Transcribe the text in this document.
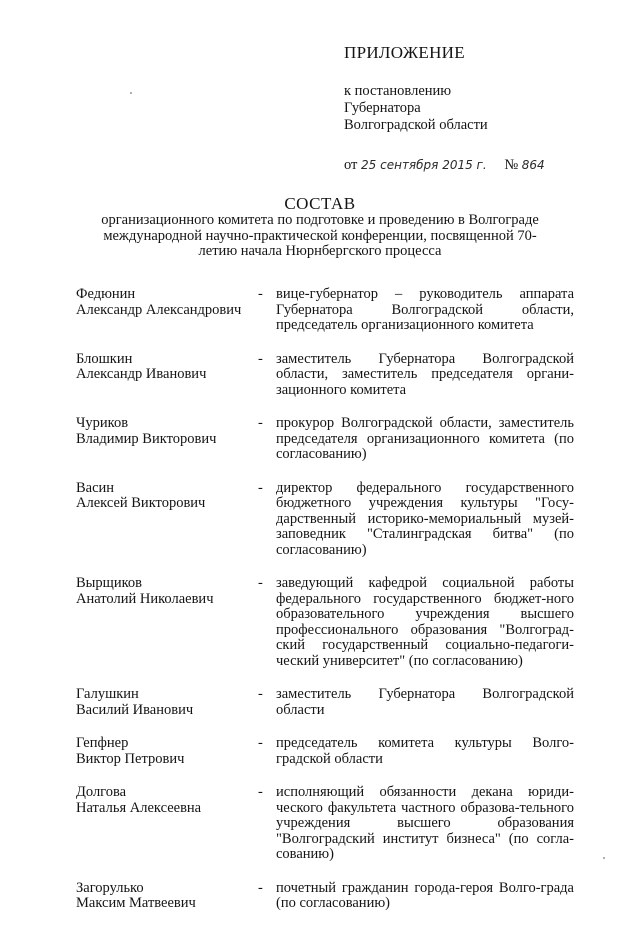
ПРИЛОЖЕНИЕ
к постановлению
Губернатора
Волгоградской области
от 25 сентября 2015 г. № 864
СОСТАВ
организационного комитета по подготовке и проведению в Волгограде международной научно-практической конференции, посвященной 70-летию начала Нюрнбергского процесса
Федюнин
Александр Александрович
- вице-губернатор – руководитель аппарата Губернатора Волгоградской области, председатель организационного комитета
Блошкин
Александр Иванович
- заместитель Губернатора Волгоградской области, заместитель председателя органи-зационного комитета
Чуриков
Владимир Викторович
- прокурор Волгоградской области, заместитель председателя организационного комитета (по согласованию)
Васин
Алексей Викторович
- директор федерального государственного бюджетного учреждения культуры "Госу-дарственный историко-мемориальный музей-заповедник "Сталинградская битва" (по согласованию)
Вырщиков
Анатолий Николаевич
- заведующий кафедрой социальной работы федерального государственного бюджет-ного образовательного учреждения высшего профессионального образования "Волгоград-ский государственный социально-педагоги-ческий университет" (по согласованию)
Галушкин
Василий Иванович
- заместитель Губернатора Волгоградской области
Гепфнер
Виктор Петрович
- председатель комитета культуры Волго-градской области
Долгова
Наталья Алексеевна
- исполняющий обязанности декана юриди-ческого факультета частного образова-тельного учреждения высшего образования "Волгоградский институт бизнеса" (по согла-сованию)
Загорулько
Максим Матвеевич
- почетный гражданин города-героя Волго-града (по согласованию)
